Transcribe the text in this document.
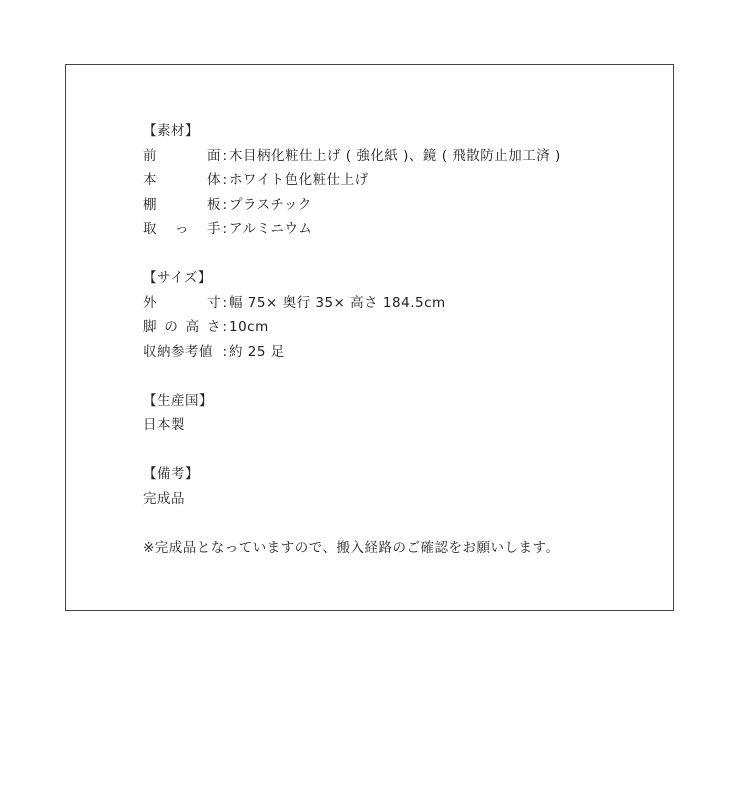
【素材】
前	面 : 木目柄化粧仕上げ ( 強化紙 )、鏡 ( 飛散防止加工済 )
本	体 : ホワイト色化粧仕上げ
棚	板 : プラスチック
取 っ 手 : アルミニウム
【サイズ】
外	寸 : 幅 75× 奥行 35× 高さ 184.5cm
脚 の 高 さ : 10cm
収納参考値 : 約 25 足
【生産国】
日本製
【備考】
完成品
※完成品となっていますので、搬入経路のご確認をお願いします。
